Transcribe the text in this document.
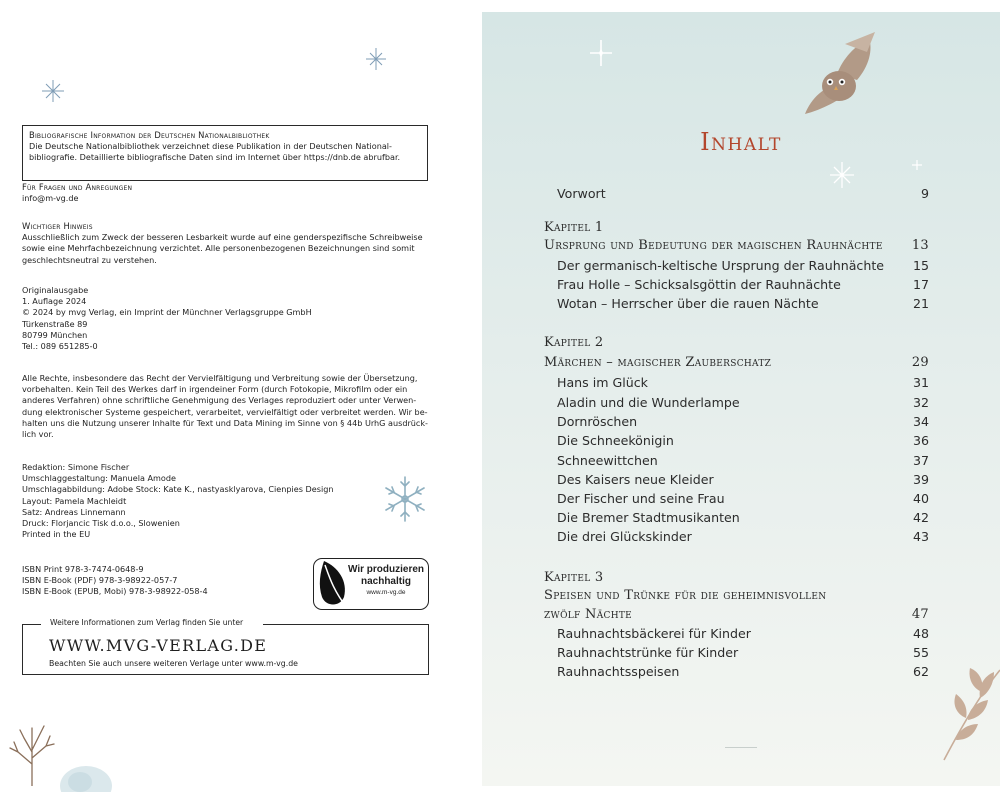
Bibliografische Information der Deutschen Nationalbibliothek

Die Deutsche Nationalbibliothek verzeichnet diese Publikation in der Deutschen National-

bibliografie. Detaillierte bibliografische Daten sind im Internet über https://dnb.de abrufbar.

Für Fragen und Anregungen

info@m-vg.de

Wichtiger Hinweis

Ausschließlich zum Zweck der besseren Lesbarkeit wurde auf eine genderspezifische Schreibweise

sowie eine Mehrfachbezeichnung verzichtet. Alle personenbezogenen Bezeichnungen sind somit

geschlechtsneutral zu verstehen.

Originalausgabe

1. Auflage 2024

© 2024 by mvg Verlag, ein Imprint der Münchner Verlagsgruppe GmbH

Türkenstraße 89

80799 München

Tel.: 089 651285-0

Alle Rechte, insbesondere das Recht der Vervielfältigung und Verbreitung sowie der Übersetzung,

vorbehalten. Kein Teil des Werkes darf in irgendeiner Form (durch Fotokopie, Mikrofilm oder ein

anderes Verfahren) ohne schriftliche Genehmigung des Verlages reproduziert oder unter Verwen-

dung elektronischer Systeme gespeichert, verarbeitet, vervielfältigt oder verbreitet werden. Wir be-

halten uns die Nutzung unserer Inhalte für Text und Data Mining im Sinne von § 44b UrhG ausdrück-

lich vor.

Redaktion: Simone Fischer

Umschlaggestaltung: Manuela Amode

Umschlagabbildung: Adobe Stock: Kate K., nastyasklyarova, Cienpies Design

Layout: Pamela Machleidt

Satz: Andreas Linnemann

Druck: Florjancic Tisk d.o.o., Slowenien

Printed in the EU

ISBN Print 978-3-7474-0648-9

ISBN E-Book (PDF) 978-3-98922-057-7

ISBN E-Book (EPUB, Mobi) 978-3-98922-058-4

Wir produzieren
nachhaltig
www.m-vg.de
Weitere Informationen zum Verlag finden Sie unter
WWW.MVG-VERLAG.DE
Beachten Sie auch unsere weiteren Verlage unter www.m-vg.de
Inhalt
Vorwort	9
Kapitel 1
Ursprung und Bedeutung der magischen Rauhnächte 13
Der germanisch-keltische Ursprung der Rauhnächte 15
Frau Holle – Schicksalsgöttin der Rauhnächte	17
Wotan – Herrscher über die rauen Nächte	21
Kapitel 2
Märchen – magischer Zauberschatz	29
Hans im Glück	31
Aladin und die Wunderlampe	32
Dornröschen	34
Die Schneekönigin	36
Schneewittchen	37
Des Kaisers neue Kleider	39
Der Fischer und seine Frau	40
Die Bremer Stadtmusikanten	42
Die drei Glückskinder	43
Kapitel 3
Speisen und Trünke für die geheimnisvollen
zwölf Nächte	47
Rauhnachtsbäckerei für Kinder	48
Rauhnachtstrünke für Kinder	55
Rauhnachtsspeisen	62
